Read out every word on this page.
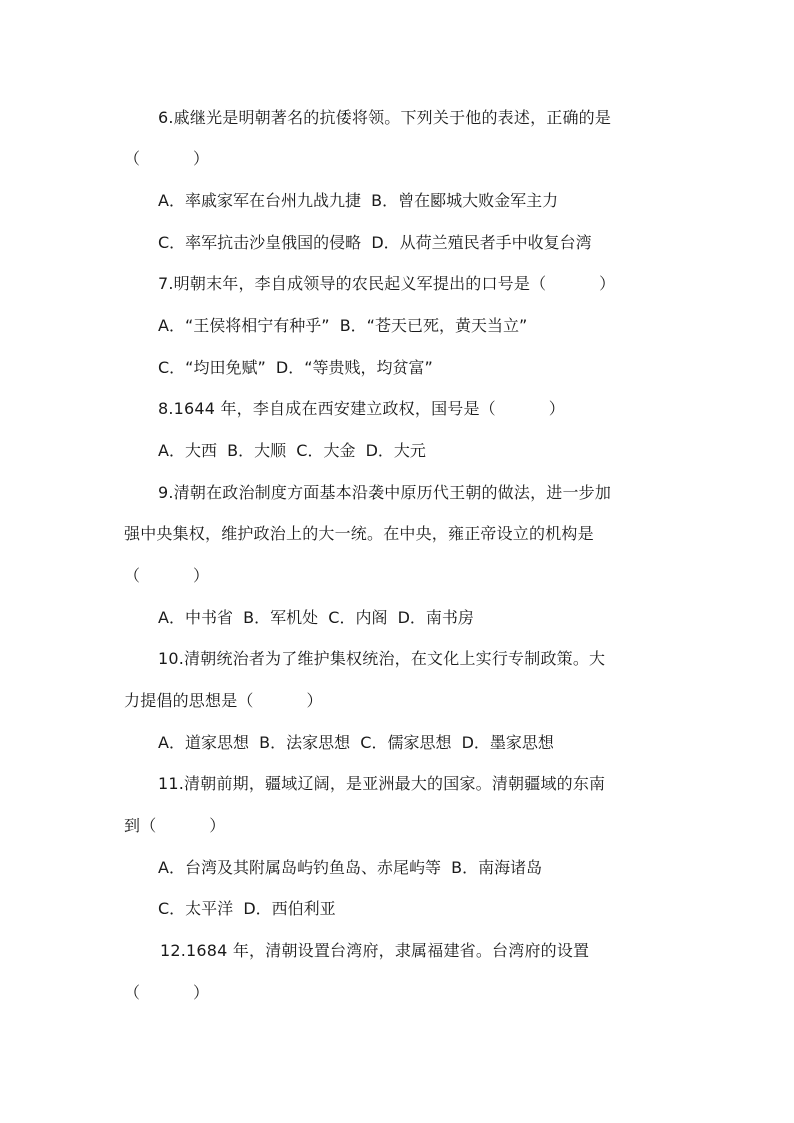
6.戚继光是明朝著名的抗倭将领。下列关于他的表述，正确的是
（          ）
A．率戚家军在台州九战九捷  B．曾在郾城大败金军主力
C．率军抗击沙皇俄国的侵略  D．从荷兰殖民者手中收复台湾
7.明朝末年，李自成领导的农民起义军提出的口号是（          ）
A．“王侯将相宁有种乎”  B．“苍天已死，黄天当立”
C．“均田免赋”  D．“等贵贱，均贫富”
8.1644 年，李自成在西安建立政权，国号是（          ）
A．大西  B．大顺  C．大金  D．大元
9.清朝在政治制度方面基本沿袭中原历代王朝的做法，进一步加
强中央集权，维护政治上的大一统。在中央，雍正帝设立的机构是
（          ）
A．中书省  B．军机处  C．内阁  D．南书房
10.清朝统治者为了维护集权统治，在文化上实行专制政策。大
力提倡的思想是（          ）
A．道家思想  B．法家思想  C．儒家思想  D．墨家思想
11.清朝前期，疆域辽阔，是亚洲最大的国家。清朝疆域的东南
到（          ）
A．台湾及其附属岛屿钓鱼岛、赤尾屿等  B．南海诸岛
C．太平洋  D．西伯利亚
12.1684 年，清朝设置台湾府，隶属福建省。台湾府的设置
（          ）
